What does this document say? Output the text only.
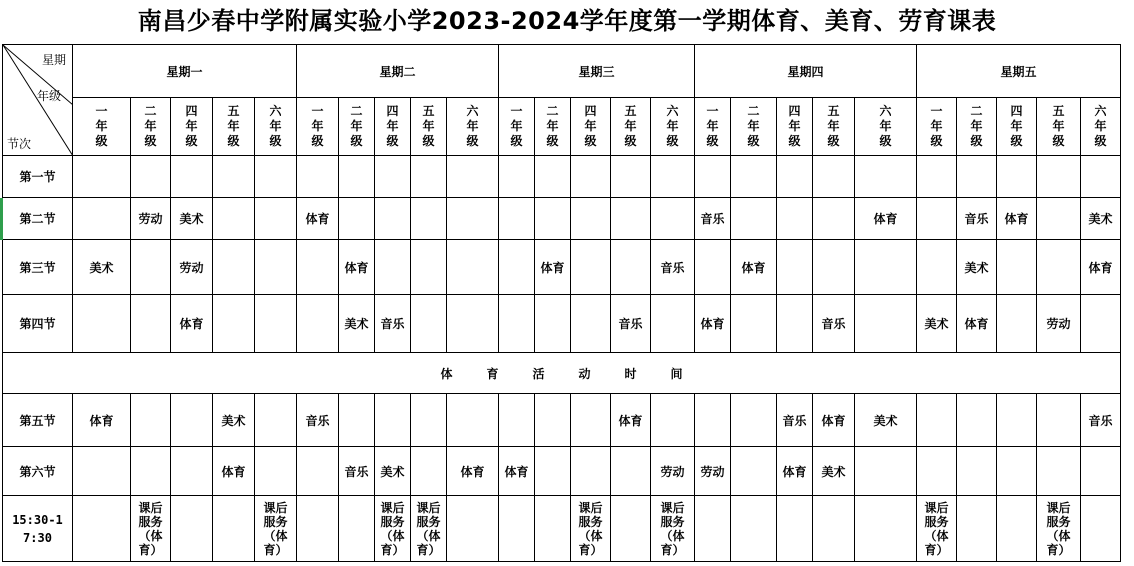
南昌少春中学附属实验小学2023-2024学年度第一学期体育、美育、劳育课表
星期
年级
节次	星期一					星期二					星期三					星期四					星期五				

	一年级	二年级	四年级	五年级	六年级	一年级	二年级	四年级	五年级	六年级	一年级	二年级	四年级	五年级	六年级	一年级	二年级	四年级	五年级	六年级	一年级	二年级	四年级	五年级	六年级

第一节																									
第二节		劳动	美术			体育										音乐				体育		音乐	体育		美术
第三节	美术		劳动				体育					体育			音乐		体育					美术			体育
第四节			体育				美术	音乐						音乐		体育			音乐		美术	体育		劳动	
体育活动时间																									
第五节	体育			美术		音乐								体育				音乐	体育	美术					音乐
第六节				体育			音乐	美术		体育	体育				劳动	劳动		体育	美术						

15:30-17:30		课后服务（体育）			课后服务（体育）			课后服务（体育）	课后服务（体育）				课后服务（体育）		课后服务（体育）						课后服务（体育）			课后服务（体育）	
